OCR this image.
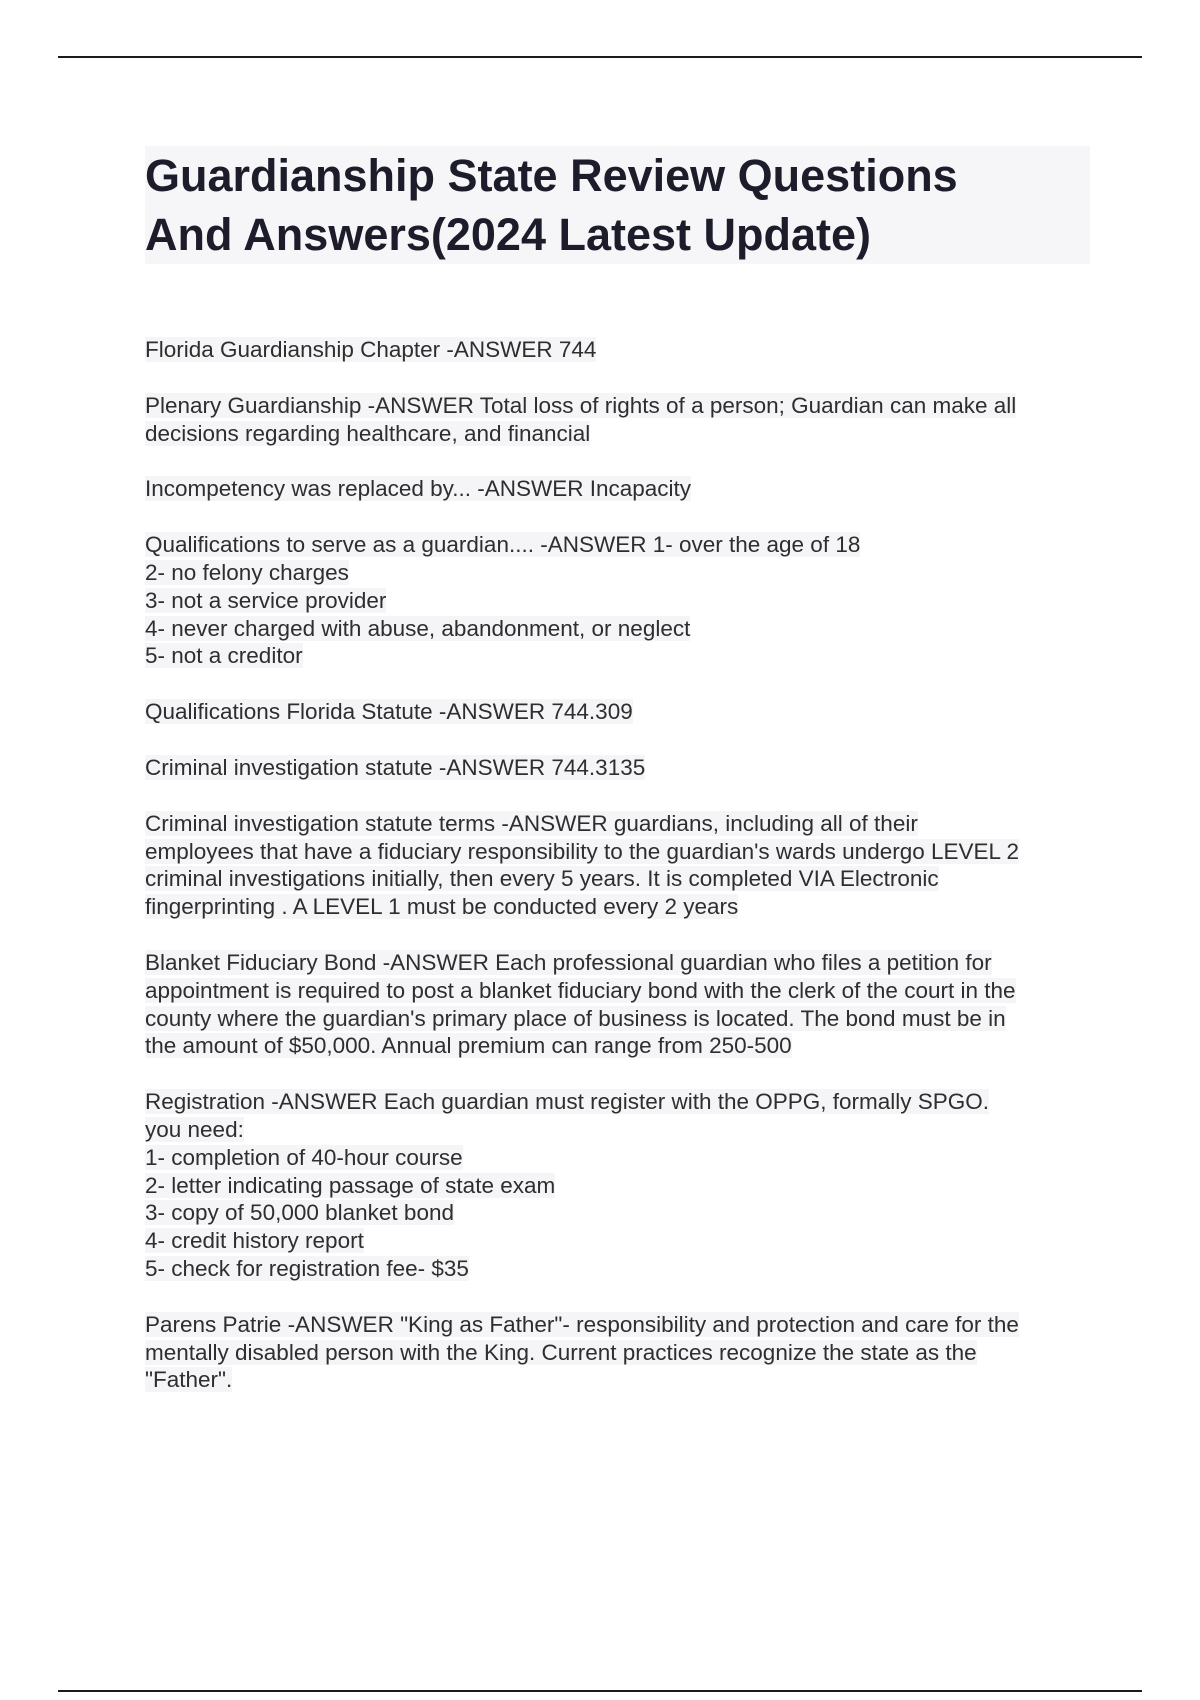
Guardianship State Review Questions
And Answers(2024 Latest Update)
Florida Guardianship Chapter -ANSWER 744
Plenary Guardianship -ANSWER Total loss of rights of a person; Guardian can make all
decisions regarding healthcare, and financial
Incompetency was replaced by... -ANSWER Incapacity
Qualifications to serve as a guardian.... -ANSWER 1- over the age of 18
2- no felony charges
3- not a service provider
4- never charged with abuse, abandonment, or neglect
5- not a creditor
Qualifications Florida Statute -ANSWER 744.309
Criminal investigation statute -ANSWER 744.3135
Criminal investigation statute terms -ANSWER guardians, including all of their
employees that have a fiduciary responsibility to the guardian's wards undergo LEVEL 2
criminal investigations initially, then every 5 years. It is completed VIA Electronic
fingerprinting . A LEVEL 1 must be conducted every 2 years
Blanket Fiduciary Bond -ANSWER Each professional guardian who files a petition for
appointment is required to post a blanket fiduciary bond with the clerk of the court in the
county where the guardian's primary place of business is located. The bond must be in
the amount of $50,000. Annual premium can range from 250-500
Registration -ANSWER Each guardian must register with the OPPG, formally SPGO.
you need:
1- completion of 40-hour course
2- letter indicating passage of state exam
3- copy of 50,000 blanket bond
4- credit history report
5- check for registration fee- $35
Parens Patrie -ANSWER "King as Father"- responsibility and protection and care for the
mentally disabled person with the King. Current practices recognize the state as the
"Father".
